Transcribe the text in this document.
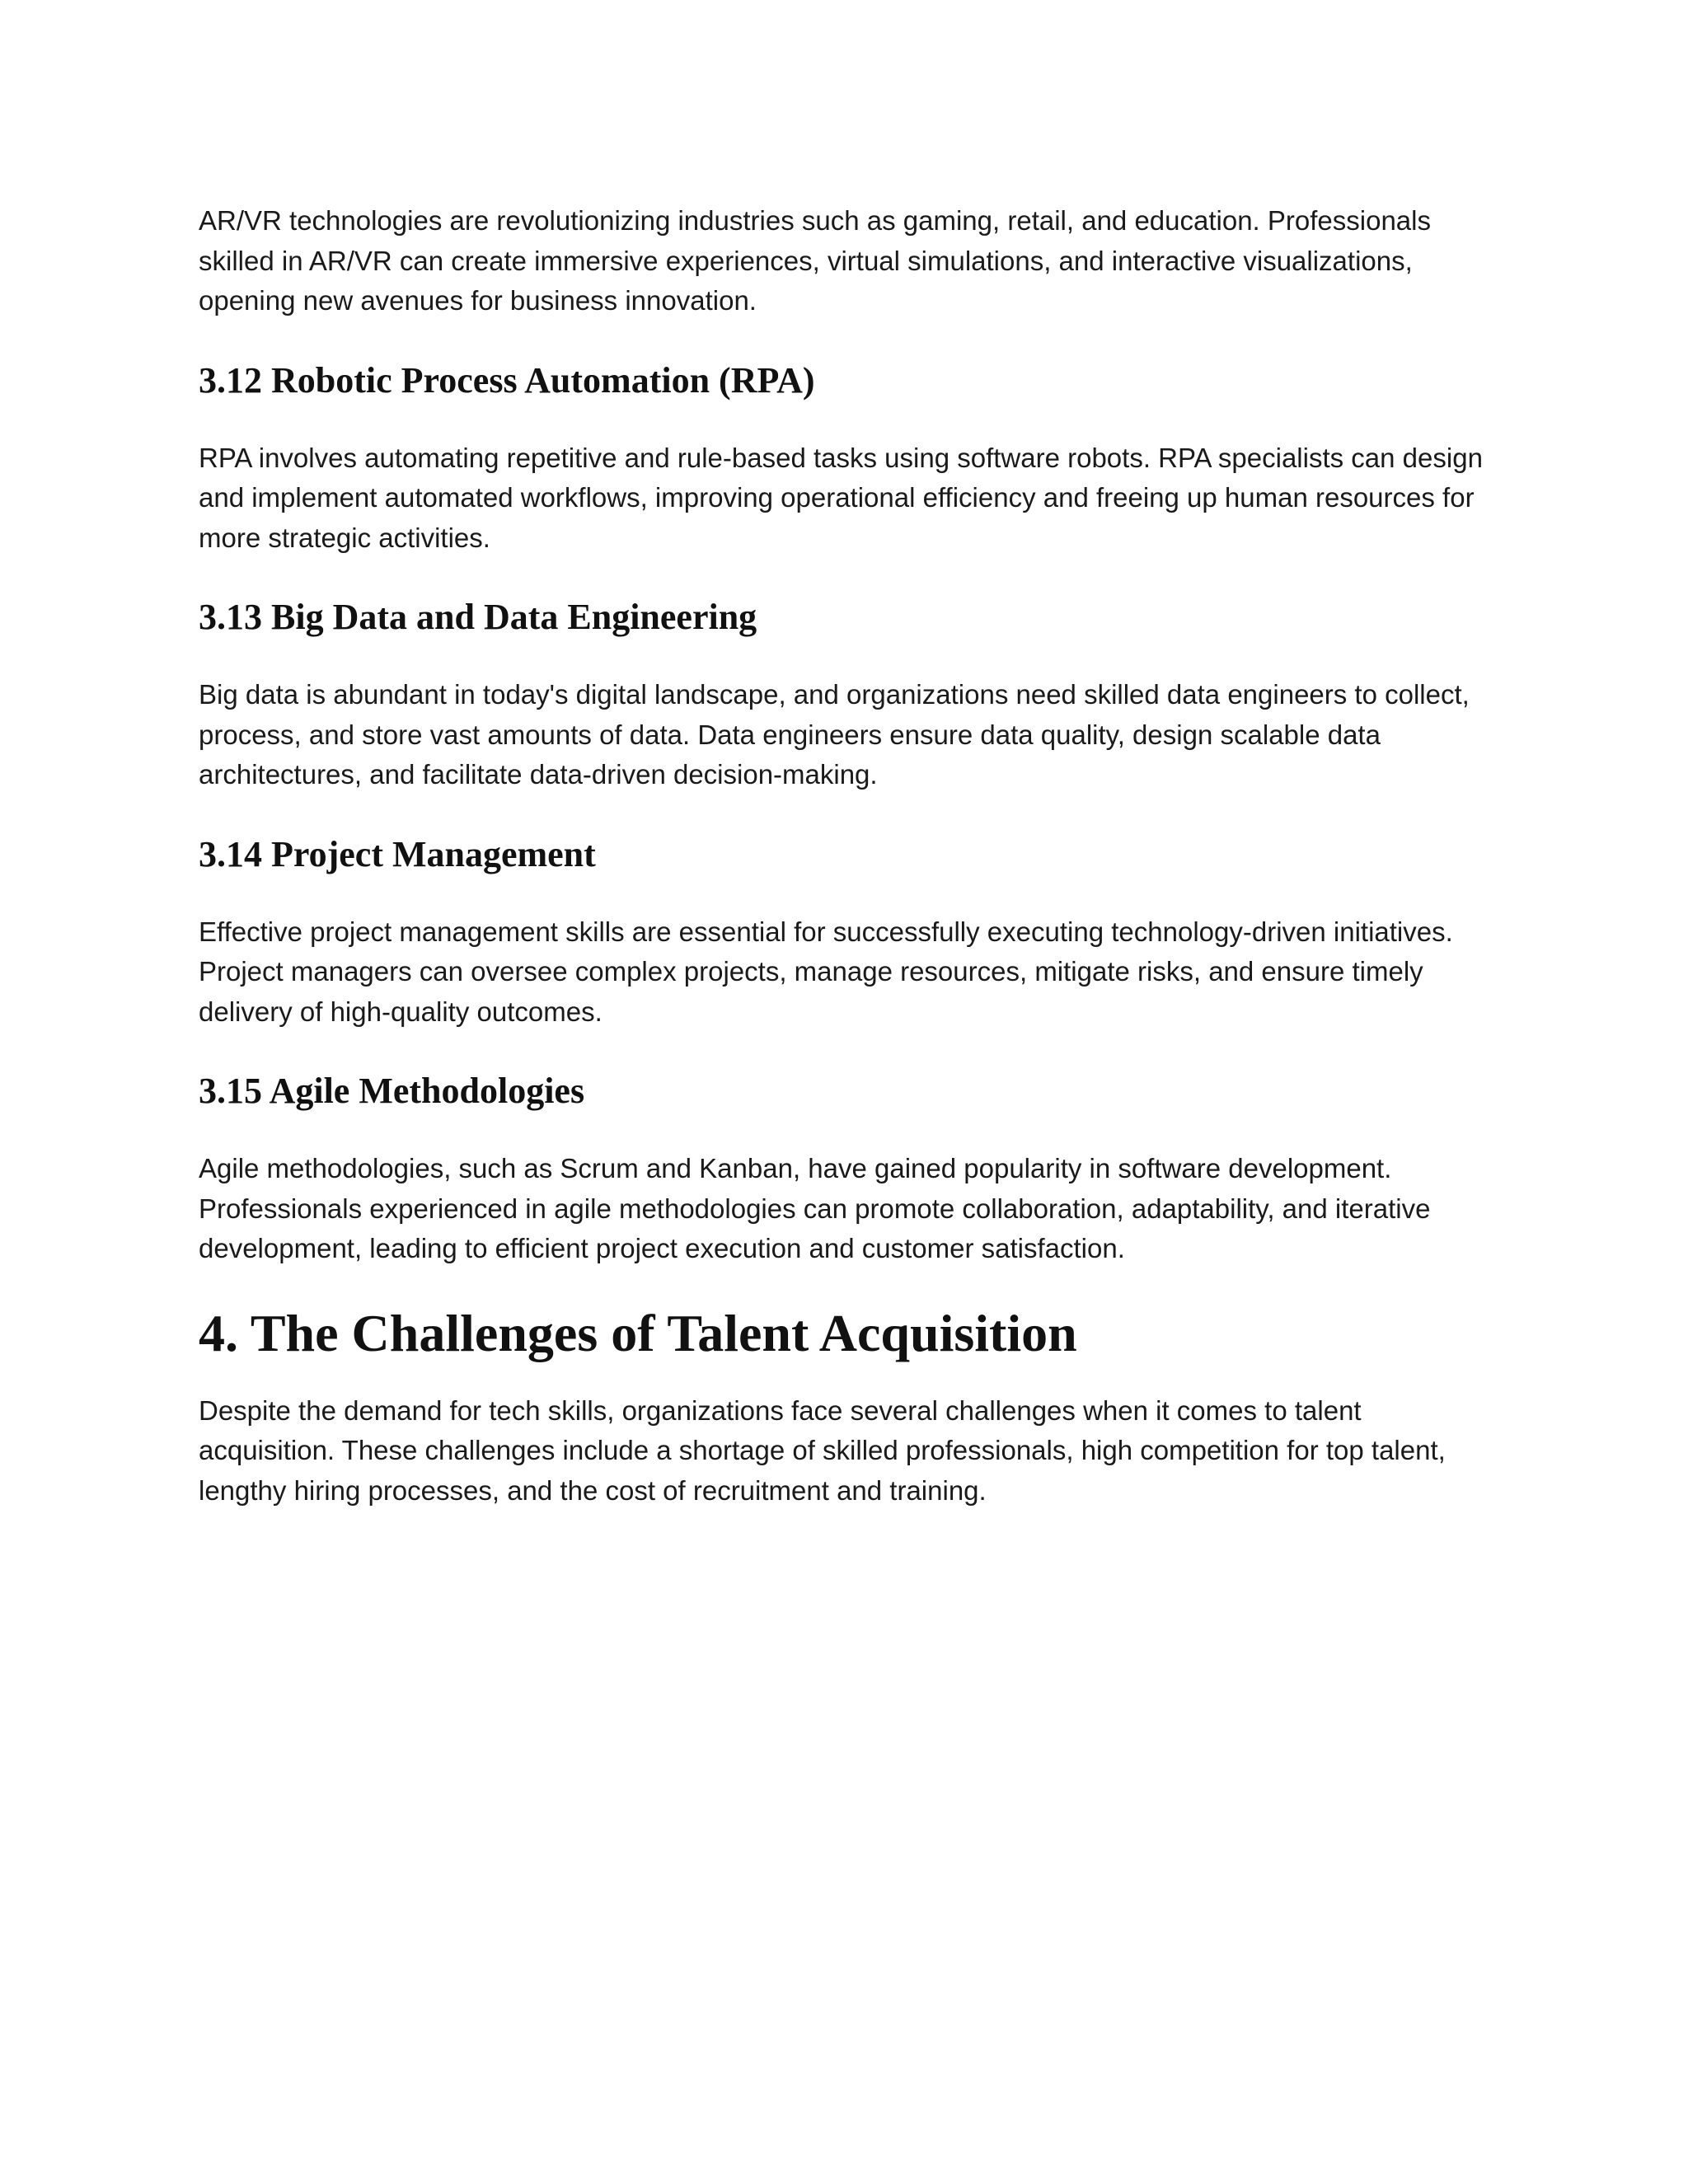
AR/VR technologies are revolutionizing industries such as gaming, retail, and education. Professionals skilled in AR/VR can create immersive experiences, virtual simulations, and interactive visualizations, opening new avenues for business innovation.

3.12 Robotic Process Automation (RPA)

RPA involves automating repetitive and rule-based tasks using software robots. RPA specialists can design and implement automated workflows, improving operational efficiency and freeing up human resources for more strategic activities.

3.13 Big Data and Data Engineering

Big data is abundant in today's digital landscape, and organizations need skilled data engineers to collect, process, and store vast amounts of data. Data engineers ensure data quality, design scalable data architectures, and facilitate data-driven decision-making.

3.14 Project Management

Effective project management skills are essential for successfully executing technology-driven initiatives. Project managers can oversee complex projects, manage resources, mitigate risks, and ensure timely delivery of high-quality outcomes.

3.15 Agile Methodologies

Agile methodologies, such as Scrum and Kanban, have gained popularity in software development. Professionals experienced in agile methodologies can promote collaboration, adaptability, and iterative development, leading to efficient project execution and customer satisfaction.

4. The Challenges of Talent Acquisition

Despite the demand for tech skills, organizations face several challenges when it comes to talent acquisition. These challenges include a shortage of skilled professionals, high competition for top talent, lengthy hiring processes, and the cost of recruitment and training.
